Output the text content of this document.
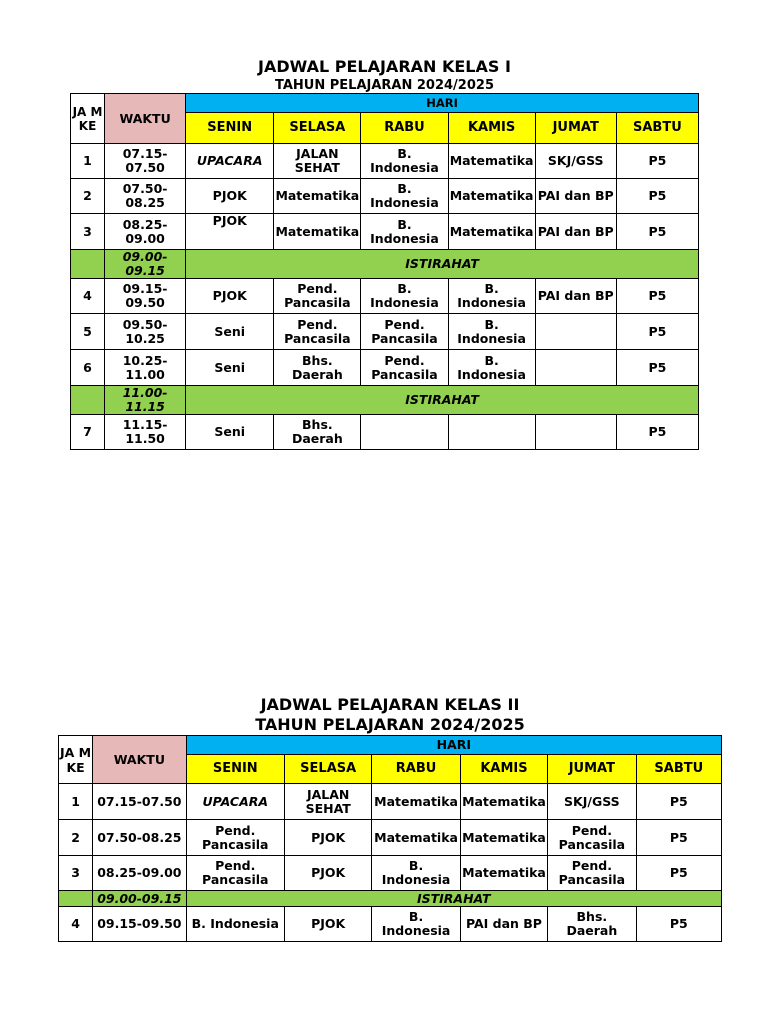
JADWAL PELAJARAN KELAS I

TAHUN PELAJARAN 2024/2025

JA M KE	WAKTU	HARI					
		SENIN	SELASA	RABU	KAMIS	JUMAT	SABTU
1	07.15-07.50	UPACARA	JALAN SEHAT	B. Indonesia	Matematika	SKJ/GSS	P5
2	07.50-08.25	PJOK	Matematika	B. Indonesia	Matematika	PAI dan BP	P5
3	08.25-09.00	PJOK	Matematika	B. Indonesia	Matematika	PAI dan BP	P5
	09.00-09.15	ISTIRAHAT					
4	09.15-09.50	PJOK	Pend. Pancasila	B. Indonesia	B. Indonesia	PAI dan BP	P5
5	09.50-10.25	Seni	Pend. Pancasila	Pend. Pancasila	B. Indonesia		P5
6	10.25-11.00	Seni	Bhs. Daerah	Pend. Pancasila	B. Indonesia		P5
	11.00-11.15	ISTIRAHAT					
7	11.15-11.50	Seni	Bhs. Daerah				P5

JADWAL PELAJARAN KELAS II

TAHUN PELAJARAN 2024/2025

JA M KE	WAKTU	HARI					
		SENIN	SELASA	RABU	KAMIS	JUMAT	SABTU
1	07.15-07.50	UPACARA	JALAN SEHAT	Matematika	Matematika	SKJ/GSS	P5
2	07.50-08.25	Pend. Pancasila	PJOK	Matematika	Matematika	Pend. Pancasila	P5
3	08.25-09.00	Pend. Pancasila	PJOK	B. Indonesia	Matematika	Pend. Pancasila	P5
	09.00-09.15	ISTIRAHAT					
4	09.15-09.50	B. Indonesia	PJOK	B. Indonesia	PAI dan BP	Bhs. Daerah	P5
